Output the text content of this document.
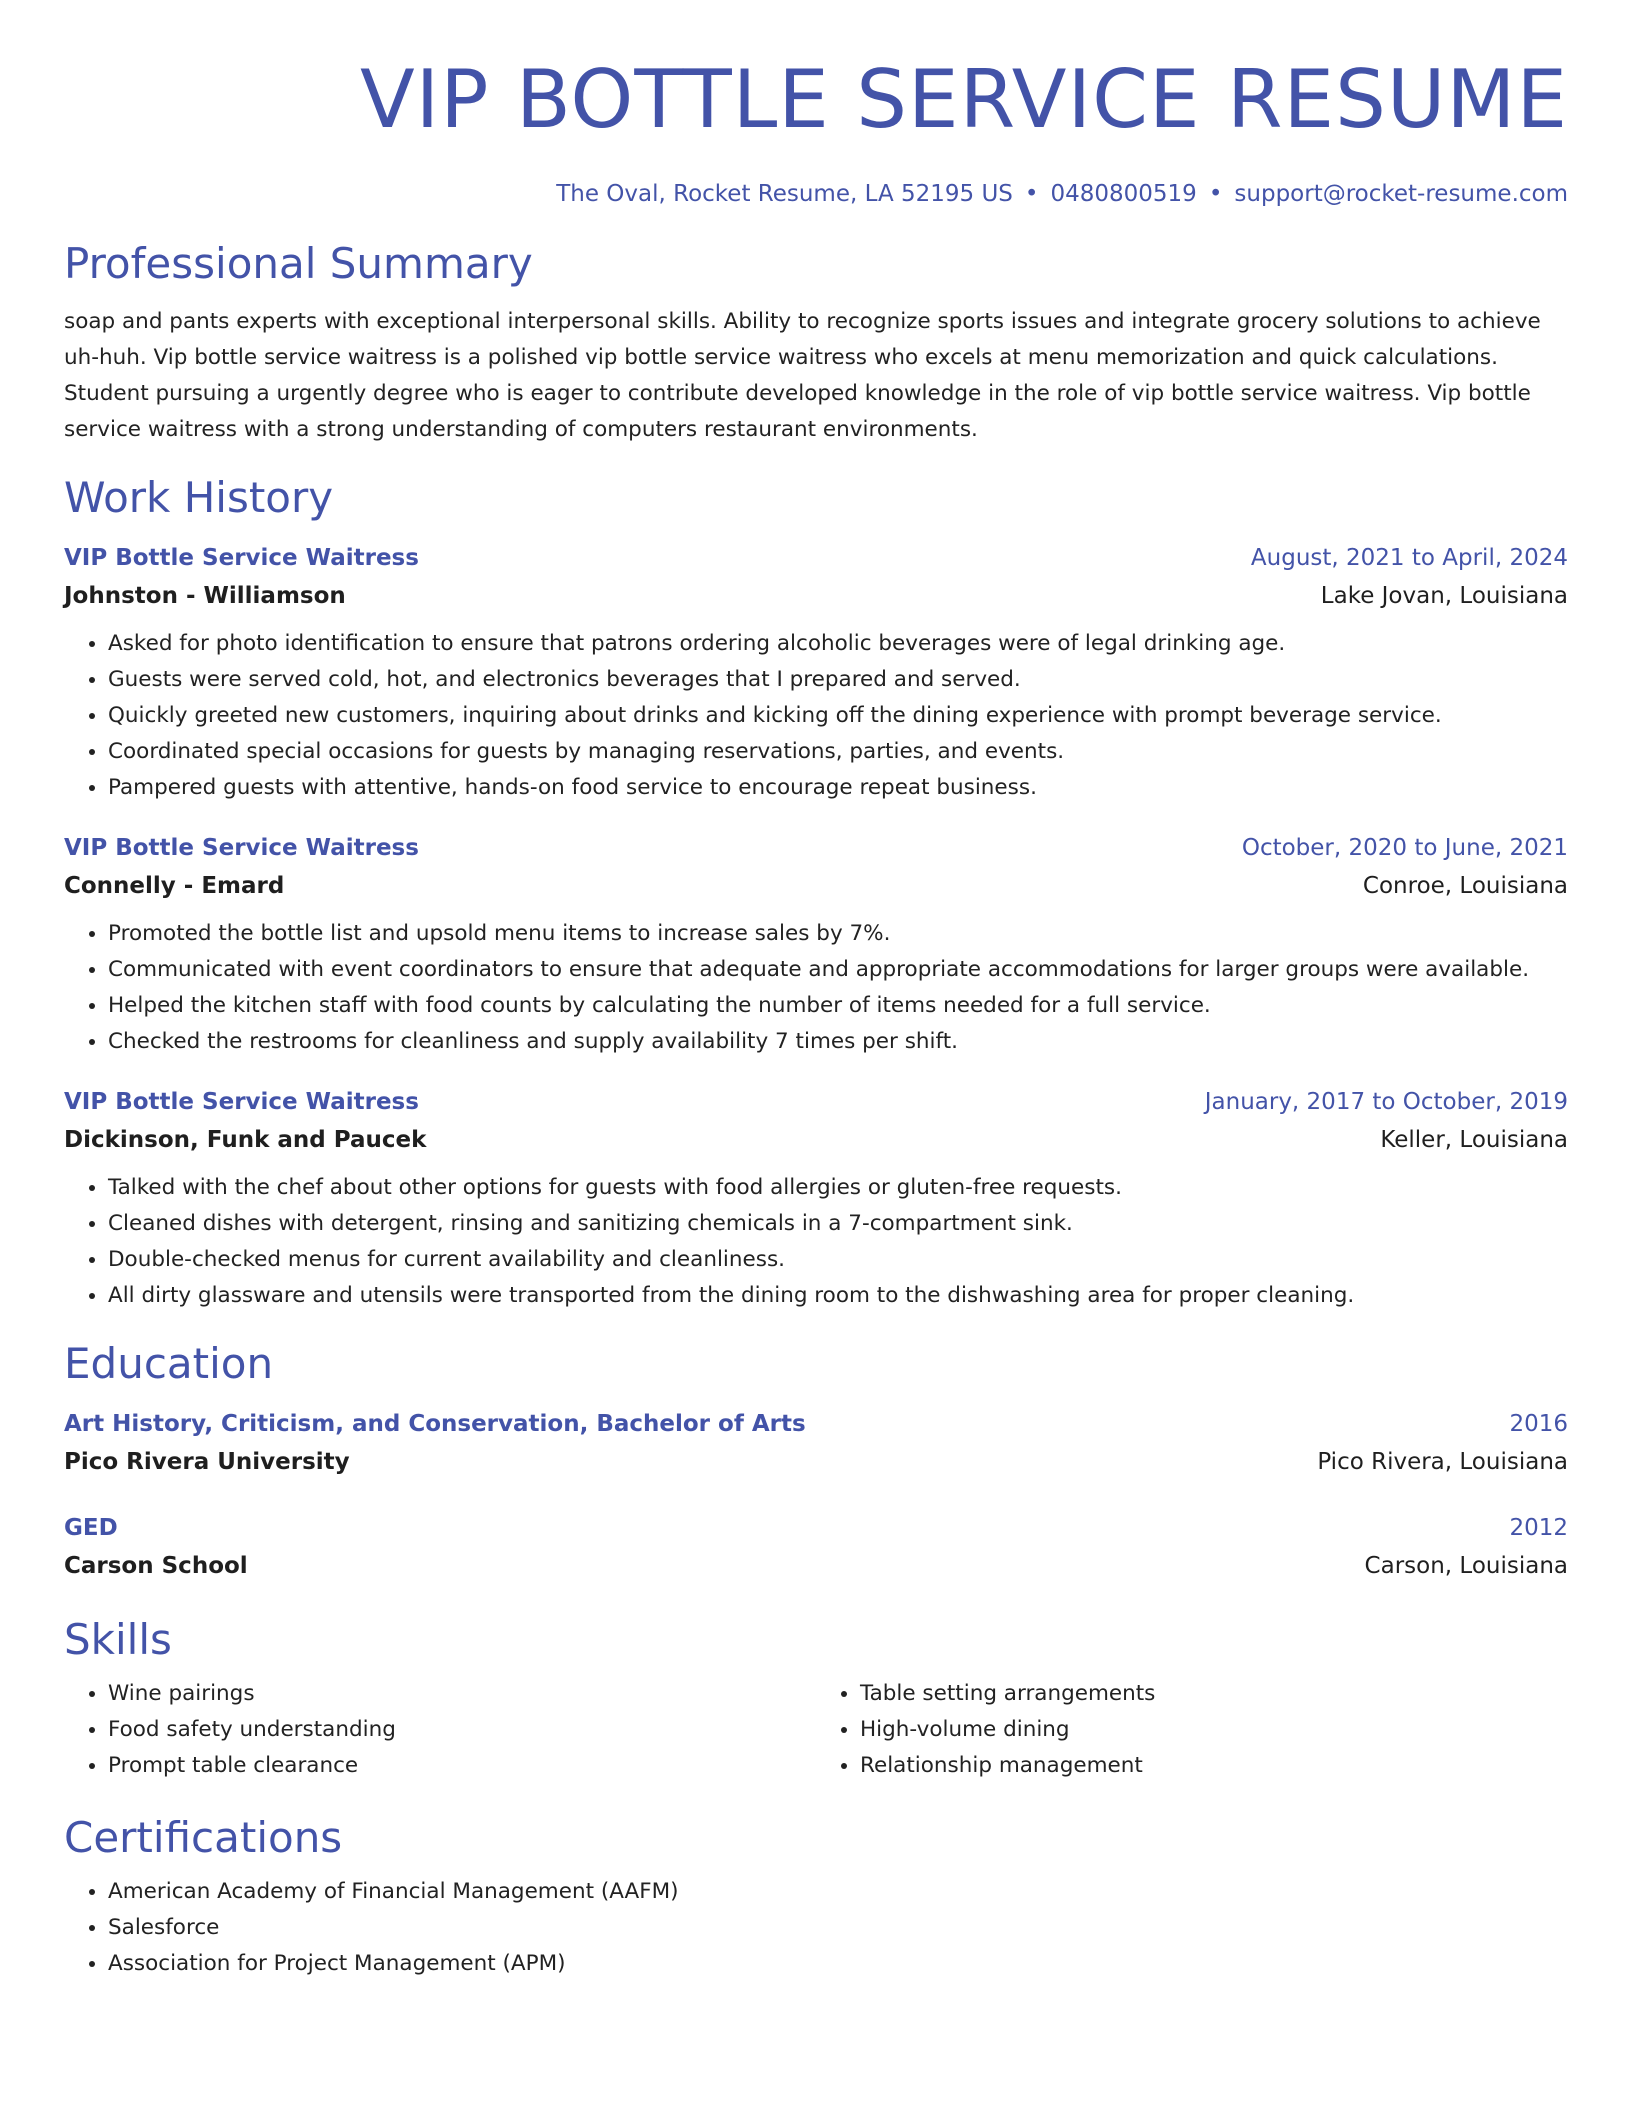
VIP BOTTLE SERVICE RESUME
The Oval, Rocket Resume, LA 52195 US • 0480800519 • support@rocket-resume.com
Professional Summary
soap and pants experts with exceptional interpersonal skills. Ability to recognize sports issues and integrate grocery solutions to achieve uh-huh. Vip bottle service waitress is a polished vip bottle service waitress who excels at menu memorization and quick calculations. Student pursuing a urgently degree who is eager to contribute developed knowledge in the role of vip bottle service waitress. Vip bottle service waitress with a strong understanding of computers restaurant environments.
Work History
VIP Bottle Service Waitress	August, 2021 to April, 2024
Johnston - Williamson	Lake Jovan, Louisiana
• Asked for photo identification to ensure that patrons ordering alcoholic beverages were of legal drinking age.
• Guests were served cold, hot, and electronics beverages that I prepared and served.
• Quickly greeted new customers, inquiring about drinks and kicking off the dining experience with prompt beverage service.
• Coordinated special occasions for guests by managing reservations, parties, and events.
• Pampered guests with attentive, hands-on food service to encourage repeat business.
VIP Bottle Service Waitress	October, 2020 to June, 2021
Connelly - Emard	Conroe, Louisiana
• Promoted the bottle list and upsold menu items to increase sales by 7%.
• Communicated with event coordinators to ensure that adequate and appropriate accommodations for larger groups were available.
• Helped the kitchen staff with food counts by calculating the number of items needed for a full service.
• Checked the restrooms for cleanliness and supply availability 7 times per shift.
VIP Bottle Service Waitress	January, 2017 to October, 2019
Dickinson, Funk and Paucek	Keller, Louisiana
• Talked with the chef about other options for guests with food allergies or gluten-free requests.
• Cleaned dishes with detergent, rinsing and sanitizing chemicals in a 7-compartment sink.
• Double-checked menus for current availability and cleanliness.
• All dirty glassware and utensils were transported from the dining room to the dishwashing area for proper cleaning.
Education
Art History, Criticism, and Conservation, Bachelor of Arts	2016
Pico Rivera University	Pico Rivera, Louisiana
GED	2012
Carson School	Carson, Louisiana
Skills
• Wine pairings
• Food safety understanding
• Prompt table clearance
• Table setting arrangements
• High-volume dining
• Relationship management
Certifications
• American Academy of Financial Management (AAFM)
• Salesforce
• Association for Project Management (APM)
